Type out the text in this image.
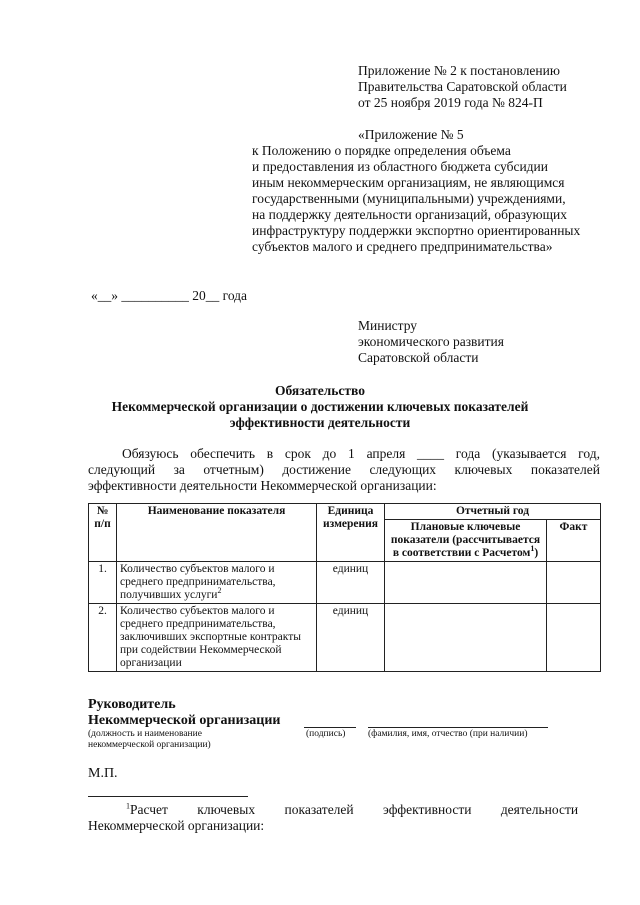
Приложение № 2 к постановлению
Правительства Саратовской области
от 25 ноября 2019 года № 824-П
«Приложение № 5
к Положению о порядке определения объема
и предоставления из областного бюджета субсидии
иным некоммерческим организациям, не являющимся
государственными (муниципальными) учреждениями,
на поддержку деятельности организаций, образующих
инфраструктуру поддержки экспортно ориентированных
субъектов малого и среднего предпринимательства»
«__» __________ 20__ года
Министру
экономического развития
Саратовской области
Обязательство
Некоммерческой организации о достижении ключевых показателей
эффективности деятельности
Обязуюсь обеспечить в срок до 1 апреля ____ года (указывается год,
следующий за отчетным) достижение следующих ключевых показателей
эффективности деятельности Некоммерческой организации:
№ п/п	Наименование показателя	Единица измерения	Отчетный год	
			Плановые ключевые показатели (рассчитывается в соответствии с Расчетом$^1$)	Факт
1.	Количество субъектов малого и среднего предпринимательства, получивших услуги$^2$	единиц		
2.	Количество субъектов малого и среднего предпринимательства, заключивших экспортные контракты при содействии Некоммерческой организации	единиц		
Руководитель
Некоммерческой организации
(должность и наименование
некоммерческой организации)
(подпись) (фамилия, имя, отчество (при наличии)
М.П.
$^1$Расчет ключевых показателей эффективности деятельности
Некоммерческой организации:
